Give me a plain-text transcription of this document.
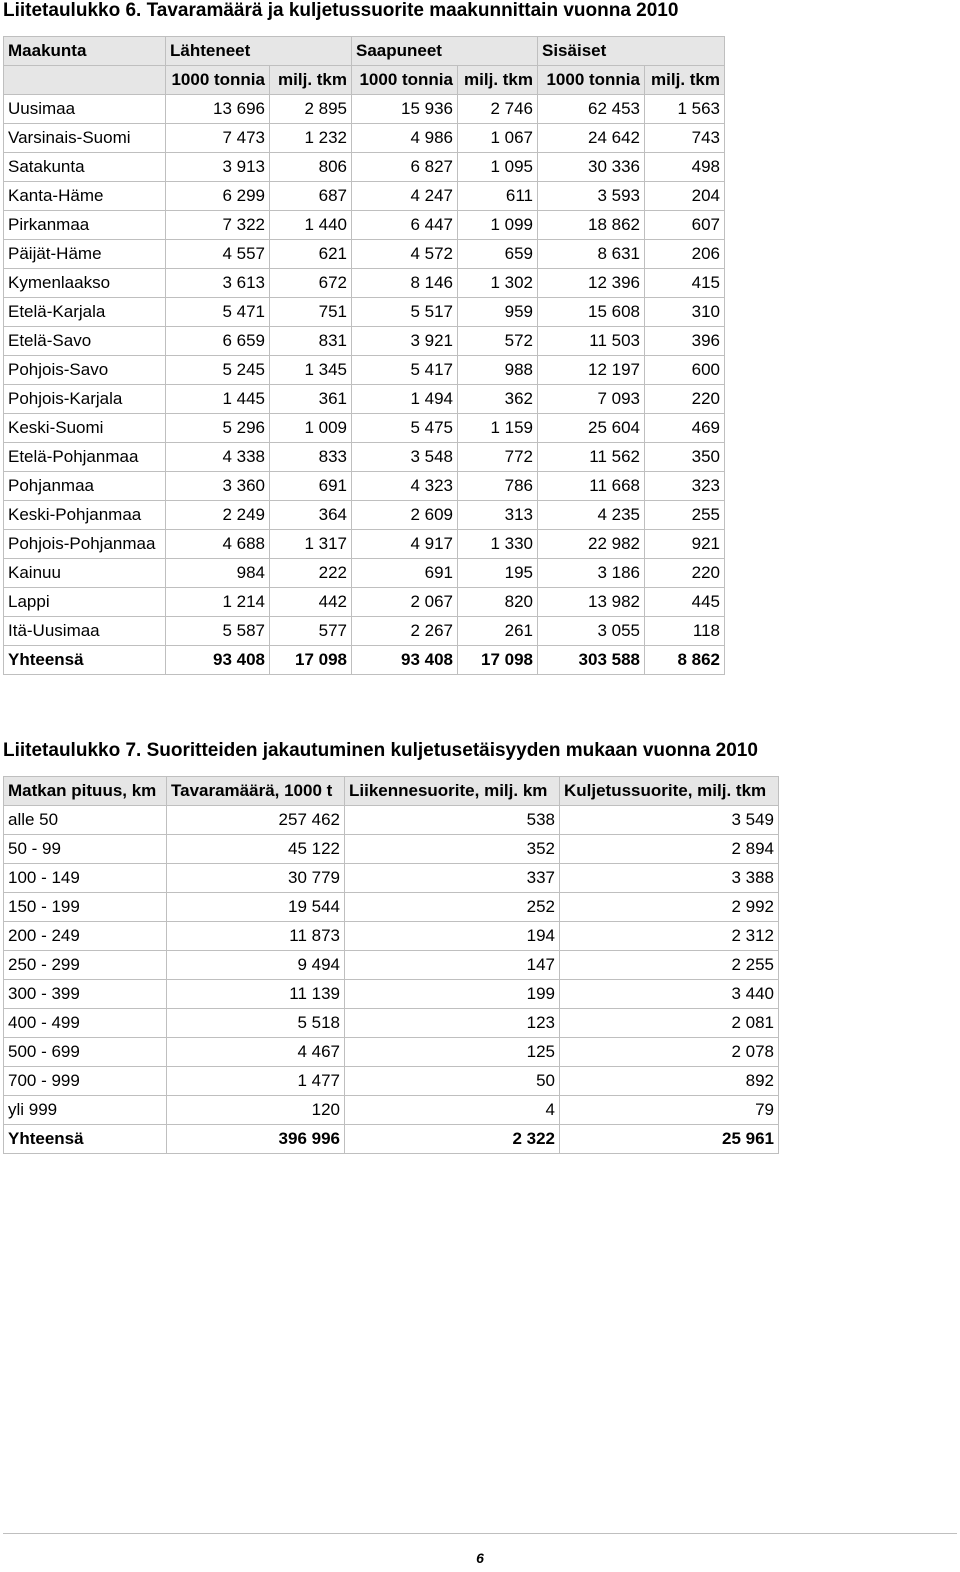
Liitetaulukko 6. Tavaramäärä ja kuljetussuorite maakunnittain vuonna 2010
Maakunta	Lähteneet		Saapuneet		Sisäiset	
	1000 tonnia	milj. tkm	1000 tonnia	milj. tkm	1000 tonnia	milj. tkm
Uusimaa	13 696	2 895	15 936	2 746	62 453	1 563
Varsinais-Suomi	7 473	1 232	4 986	1 067	24 642	743
Satakunta	3 913	806	6 827	1 095	30 336	498
Kanta-Häme	6 299	687	4 247	611	3 593	204
Pirkanmaa	7 322	1 440	6 447	1 099	18 862	607
Päijät-Häme	4 557	621	4 572	659	8 631	206
Kymenlaakso	3 613	672	8 146	1 302	12 396	415
Etelä-Karjala	5 471	751	5 517	959	15 608	310
Etelä-Savo	6 659	831	3 921	572	11 503	396
Pohjois-Savo	5 245	1 345	5 417	988	12 197	600
Pohjois-Karjala	1 445	361	1 494	362	7 093	220
Keski-Suomi	5 296	1 009	5 475	1 159	25 604	469
Etelä-Pohjanmaa	4 338	833	3 548	772	11 562	350
Pohjanmaa	3 360	691	4 323	786	11 668	323
Keski-Pohjanmaa	2 249	364	2 609	313	4 235	255
Pohjois-Pohjanmaa	4 688	1 317	4 917	1 330	22 982	921
Kainuu	984	222	691	195	3 186	220
Lappi	1 214	442	2 067	820	13 982	445
Itä-Uusimaa	5 587	577	2 267	261	3 055	118
Yhteensä	93 408	17 098	93 408	17 098	303 588	8 862
Liitetaulukko 7. Suoritteiden jakautuminen kuljetusetäisyyden mukaan vuonna 2010
Matkan pituus, km	Tavaramäärä, 1000 t	Liikennesuorite, milj. km	Kuljetussuorite, milj. tkm
alle 50	257 462	538	3 549
50 - 99	45 122	352	2 894
100 - 149	30 779	337	3 388
150 - 199	19 544	252	2 992
200 - 249	11 873	194	2 312
250 - 299	9 494	147	2 255
300 - 399	11 139	199	3 440
400 - 499	5 518	123	2 081
500 - 699	4 467	125	2 078
700 - 999	1 477	50	892
yli 999	120	4	79
Yhteensä	396 996	2 322	25 961
6
